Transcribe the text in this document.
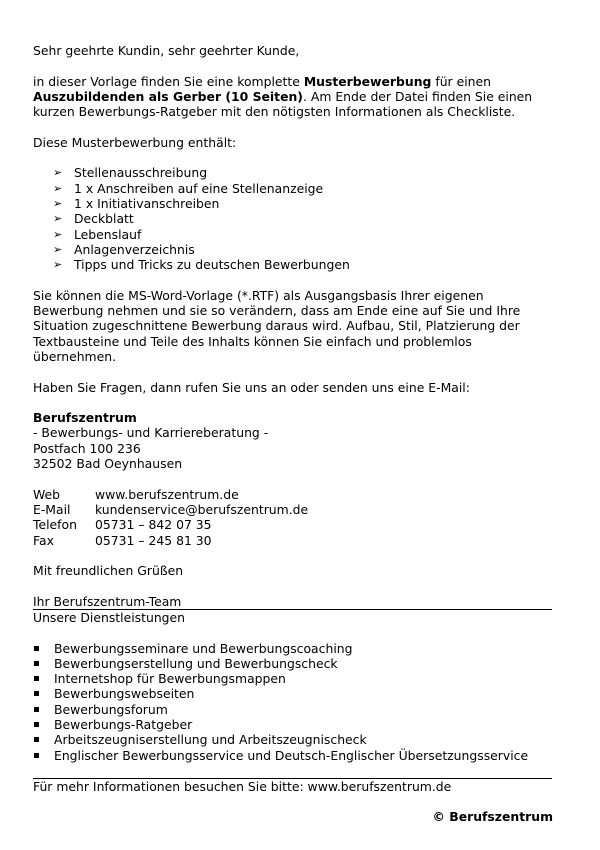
Sehr geehrte Kundin, sehr geehrter Kunde,

in dieser Vorlage finden Sie eine komplette Musterbewerbung für einen Auszubildenden als Gerber (10 Seiten). Am Ende der Datei finden Sie einen kurzen Bewerbungs-Ratgeber mit den nötigsten Informationen als Checkliste.

Diese Musterbewerbung enthält:

➢ Stellenausschreibung
➢ 1 x Anschreiben auf eine Stellenanzeige
➢ 1 x Initiativanschreiben
➢ Deckblatt
➢ Lebenslauf
➢ Anlagenverzeichnis
➢ Tipps und Tricks zu deutschen Bewerbungen

Sie können die MS-Word-Vorlage (*.RTF) als Ausgangsbasis Ihrer eigenen Bewerbung nehmen und sie so verändern, dass am Ende eine auf Sie und Ihre Situation zugeschnittene Bewerbung daraus wird. Aufbau, Stil, Platzierung der Textbausteine und Teile des Inhalts können Sie einfach und problemlos übernehmen.

Haben Sie Fragen, dann rufen Sie uns an oder senden uns eine E-Mail:

Berufszentrum

- Bewerbungs- und Karriereberatung -

Postfach 100 236

32502 Bad Oeynhausen

Web	www.berufszentrum.de
E-Mail	kundenservice@berufszentrum.de
Telefon	05731 – 842 07 35
Fax	05731 – 245 81 30

Mit freundlichen Grüßen

Ihr Berufszentrum-Team

Unsere Dienstleistungen

Bewerbungsseminare und Bewerbungscoaching
Bewerbungserstellung und Bewerbungscheck
Internetshop für Bewerbungsmappen
Bewerbungswebseiten
Bewerbungsforum
Bewerbungs-Ratgeber
Arbeitszeugniserstellung und Arbeitszeugnischeck
Englischer Bewerbungsservice und Deutsch-Englischer Übersetzungsservice

Für mehr Informationen besuchen Sie bitte: www.berufszentrum.de

© Berufszentrum
